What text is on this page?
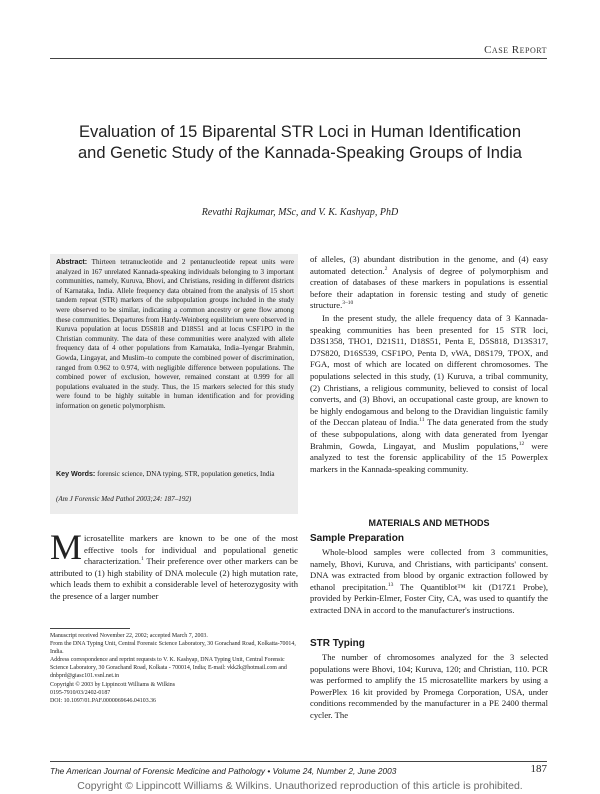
Case Report
Evaluation of 15 Biparental STR Loci in Human Identification and Genetic Study of the Kannada-Speaking Groups of India
Revathi Rajkumar, MSc, and V. K. Kashyap, PhD
Abstract: Thirteen tetranucleotide and 2 pentanucleotide repeat units were analyzed in 167 unrelated Kannada-speaking individuals belonging to 3 important communities, namely, Kuruva, Bhovi, and Christians, residing in different districts of Karnataka, India. Allele frequency data obtained from the analysis of 15 short tandem repeat (STR) markers of the subpopulation groups included in the study were observed to be similar, indicating a common ancestry or gene flow among these communities. Departures from Hardy-Weinberg equilibrium were observed in Kuruva population at locus D5S818 and D18S51 and at locus CSF1PO in the Christian community. The data of these communities were analyzed with allele frequency data of 4 other populations from Karnataka, India–Iyengar Brahmin, Gowda, Lingayat, and Muslim–to compute the combined power of discrimination, ranged from 0.962 to 0.974, with negligible difference between populations. The combined power of exclusion, however, remained constant at 0.999 for all populations evaluated in the study. Thus, the 15 markers selected for this study were found to be highly suitable in human identification and for providing information on genetic polymorphism.
Key Words: forensic science, DNA typing, STR, population genetics, India
(Am J Forensic Med Pathol 2003;24: 187–192)
Microsatellite markers are known to be one of the most effective tools for individual and populational genetic characterization.$^1$ Their preference over other markers can be attributed to (1) high stability of DNA molecule (2) high mutation rate, which leads them to exhibit a considerable level of heterozygosity with the presence of a larger number
Manuscript received November 22, 2002; accepted March 7, 2003.
From the DNA Typing Unit, Central Forensic Science Laboratory, 30 Gorachand Road, Kolkatta-70014, India.
Address correspondence and reprint requests to V. K. Kashyap, DNA Typing Unit, Central Forensic Science Laboratory, 30 Gorachand Road, Kolkata - 700014, India; E-mail: vkk2k@hotmail.com and dnbprd@giasc101.vsnl.net.in
Copyright © 2003 by Lippincott Williams & Wilkins
0195-7910/03/2402-0187
DOI: 10.1097/01.PAF.0000069646.04103.36
of alleles, (3) abundant distribution in the genome, and (4) easy automated detection.$^2$ Analysis of degree of polymorphism and creation of databases of these markers in populations is essential before their adaptation in forensic testing and study of genetic structure.$^{3-10}$
In the present study, the allele frequency data of 3 Kannada-speaking communities has been presented for 15 STR loci, D3S1358, THO1, D21S11, D18S51, Penta E, D5S818, D13S317, D7S820, D16S539, CSF1PO, Penta D, vWA, D8S179, TPOX, and FGA, most of which are located on different chromosomes. The populations selected in this study, (1) Kuruva, a tribal community, (2) Christians, a religious community, believed to consist of local converts, and (3) Bhovi, an occupational caste group, are known to be highly endogamous and belong to the Dravidian linguistic family of the Deccan plateau of India.$^{11}$ The data generated from the study of these subpopulations, along with data generated from Iyengar Brahmin, Gowda, Lingayat, and Muslim populations,$^{12}$ were analyzed to test the forensic applicability of the 15 Powerplex markers in the Kannada-speaking community.
MATERIALS AND METHODS
Sample Preparation
Whole-blood samples were collected from 3 communities, namely, Bhovi, Kuruva, and Christians, with participants' consent. DNA was extracted from blood by organic extraction followed by ethanol precipitation.$^{13}$ The Quantiblot™ kit (D17Z1 Probe), provided by Perkin-Elmer, Foster City, CA, was used to quantify the extracted DNA in accord to the manufacturer's instructions.
STR Typing
The number of chromosomes analyzed for the 3 selected populations were Bhovi, 104; Kuruva, 120; and Christian, 110. PCR was performed to amplify the 15 microsatellite markers by using a PowerPlex 16 kit provided by Promega Corporation, USA, under conditions recommended by the manufacturer in a PE 2400 thermal cycler. The
The American Journal of Forensic Medicine and Pathology • Volume 24, Number 2, June 2003	187
Copyright © Lippincott Williams & Wilkins. Unauthorized reproduction of this article is prohibited.
